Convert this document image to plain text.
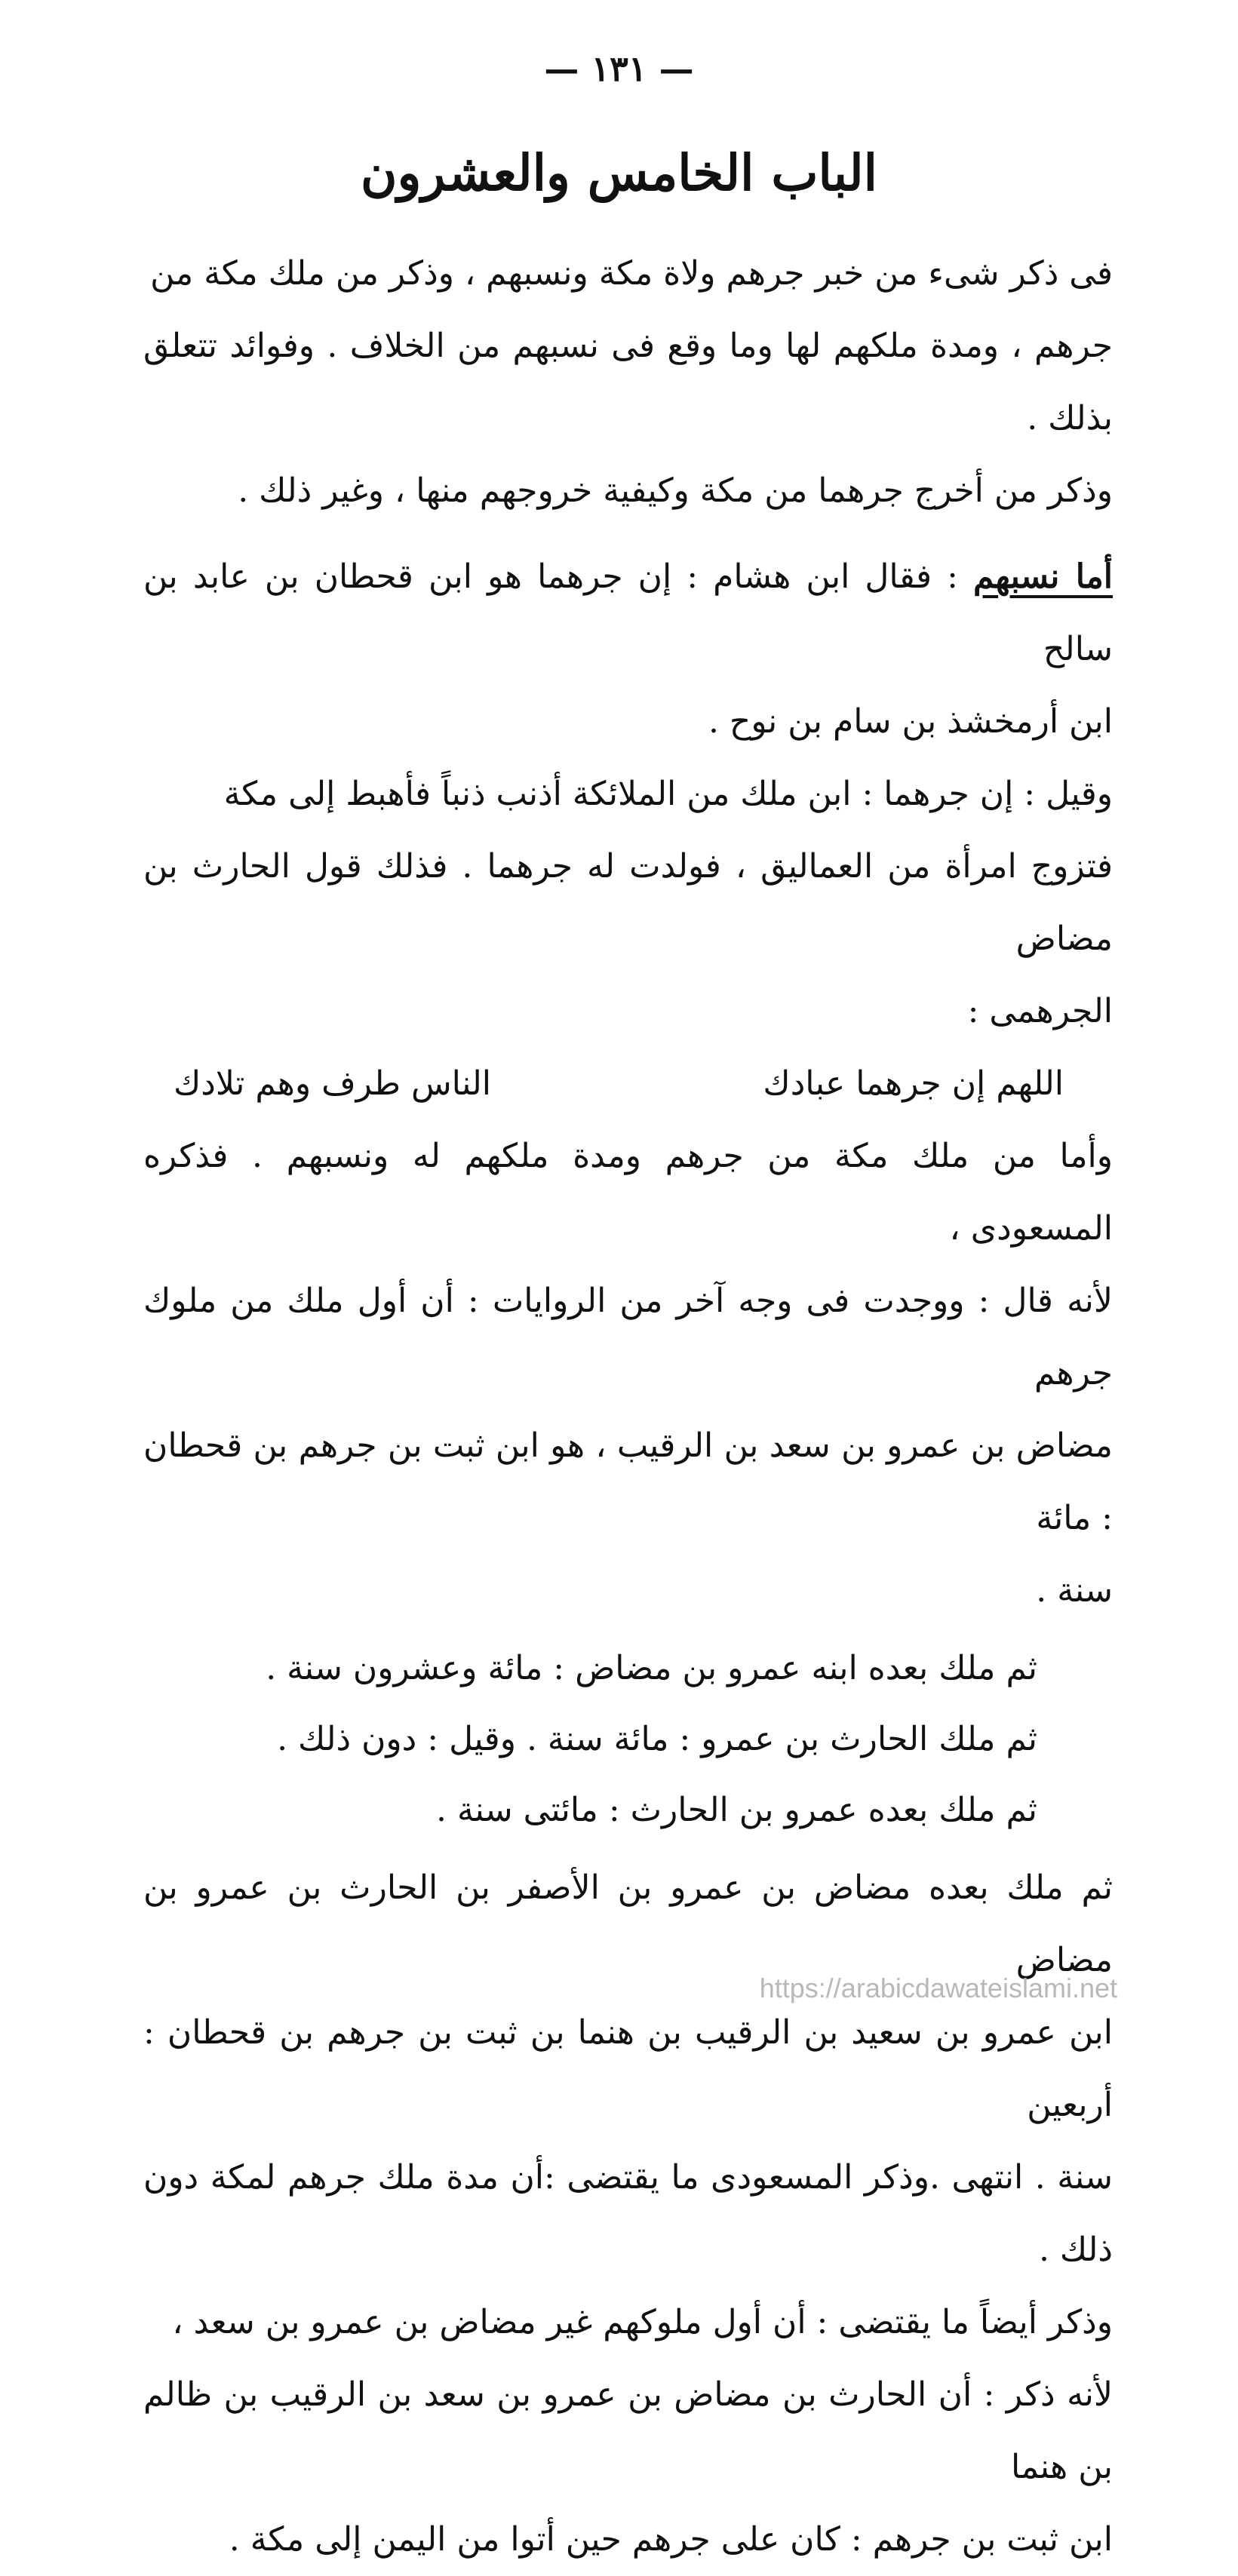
— ١٣١ —
الباب الخامس والعشرون

فى ذكر شىء من خبر جرهم ولاة مكة ونسبهم ، وذكر من ملك مكة من

جرهم ، ومدة ملكهم لها وما وقع فى نسبهم من الخلاف . وفوائد تتعلق بذلك .

وذكر من أخرج جرهما من مكة وكيفية خروجهم منها ، وغير ذلك .

أما نسبهم : فقال ابن هشام : إن جرهما هو ابن قحطان بن عابد بن سالح

ابن أرمخشذ بن سام بن نوح .

وقيل : إن جرهما : ابن ملك من الملائكة أذنب ذنباً فأهبط إلى مكة

فتزوج امرأة من العماليق ، فولدت له جرهما . فذلك قول الحارث بن مضاض

الجرهمى :

اللهم إن جرهما عبادك
الناس طرف وهم تلادك

وأما من ملك مكة من جرهم ومدة ملكهم له ونسبهم . فذكره المسعودى ،

لأنه قال : ووجدت فى وجه آخر من الروايات : أن أول ملك من ملوك جرهم

مضاض بن عمرو بن سعد بن الرقيب ، هو ابن ثبت بن جرهم بن قحطان : مائة

سنة .

ثم ملك بعده ابنه عمرو بن مضاض : مائة وعشرون سنة .

ثم ملك الحارث بن عمرو : مائة سنة . وقيل : دون ذلك .

ثم ملك بعده عمرو بن الحارث : مائتى سنة .

ثم ملك بعده مضاض بن عمرو بن الأصفر بن الحارث بن عمرو بن مضاض

ابن عمرو بن سعيد بن الرقيب بن هنما بن ثبت بن جرهم بن قحطان : أربعين

سنة . انتهى .وذكر المسعودى ما يقتضى :أن مدة ملك جرهم لمكة دون ذلك .

وذكر أيضاً ما يقتضى : أن أول ملوكهم غير مضاض بن عمرو بن سعد ،

لأنه ذكر : أن الحارث بن مضاض بن عمرو بن سعد بن الرقيب بن ظالم بن هنما

ابن ثبت بن جرهم : كان على جرهم حين أتوا من اليمن إلى مكة .

https://arabicdawateislami.net
